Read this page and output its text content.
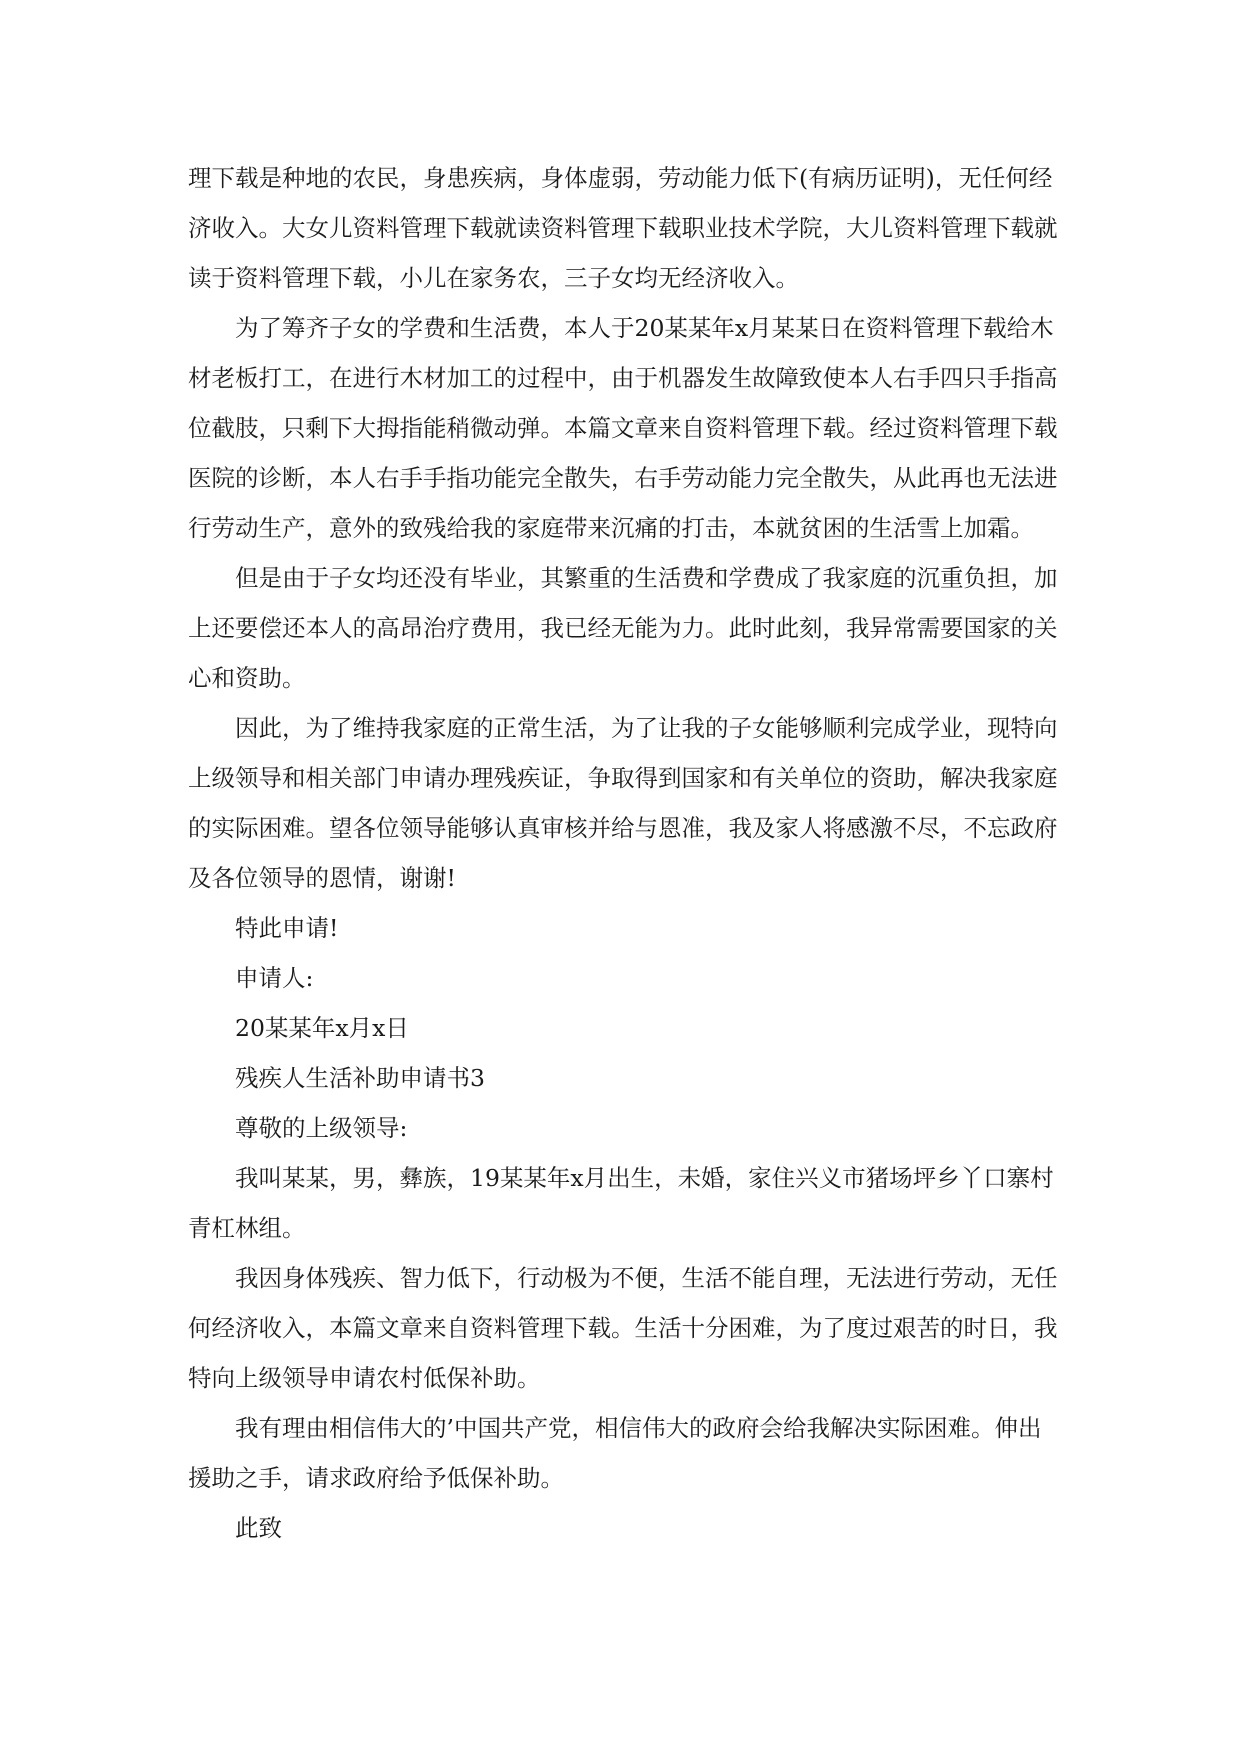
理下载是种地的农民，身患疾病，身体虚弱，劳动能力低下(有病历证明)，无任何经济收入。大女儿资料管理下载就读资料管理下载职业技术学院，大儿资料管理下载就读于资料管理下载，小儿在家务农，三子女均无经济收入。

为了筹齐子女的学费和生活费，本人于20某某年x月某某日在资料管理下载给木材老板打工，在进行木材加工的过程中，由于机器发生故障致使本人右手四只手指高位截肢，只剩下大拇指能稍微动弹。本篇文章来自资料管理下载。经过资料管理下载医院的诊断，本人右手手指功能完全散失，右手劳动能力完全散失，从此再也无法进行劳动生产，意外的致残给我的家庭带来沉痛的打击，本就贫困的生活雪上加霜。

但是由于子女均还没有毕业，其繁重的生活费和学费成了我家庭的沉重负担，加上还要偿还本人的高昂治疗费用，我已经无能为力。此时此刻，我异常需要国家的关心和资助。

因此，为了维持我家庭的正常生活，为了让我的子女能够顺利完成学业，现特向上级领导和相关部门申请办理残疾证，争取得到国家和有关单位的资助，解决我家庭的实际困难。望各位领导能够认真审核并给与恩准，我及家人将感激不尽，不忘政府及各位领导的恩情，谢谢!

特此申请!

申请人:

20某某年x月x日

残疾人生活补助申请书3

尊敬的上级领导:

我叫某某，男，彝族，19某某年x月出生，未婚，家住兴义市猪场坪乡丫口寨村青杠林组。

我因身体残疾、智力低下，行动极为不便，生活不能自理，无法进行劳动，无任何经济收入，本篇文章来自资料管理下载。生活十分困难，为了度过艰苦的时日，我特向上级领导申请农村低保补助。

我有理由相信伟大的’中国共产党，相信伟大的政府会给我解决实际困难。伸出援助之手，请求政府给予低保补助。

此致
